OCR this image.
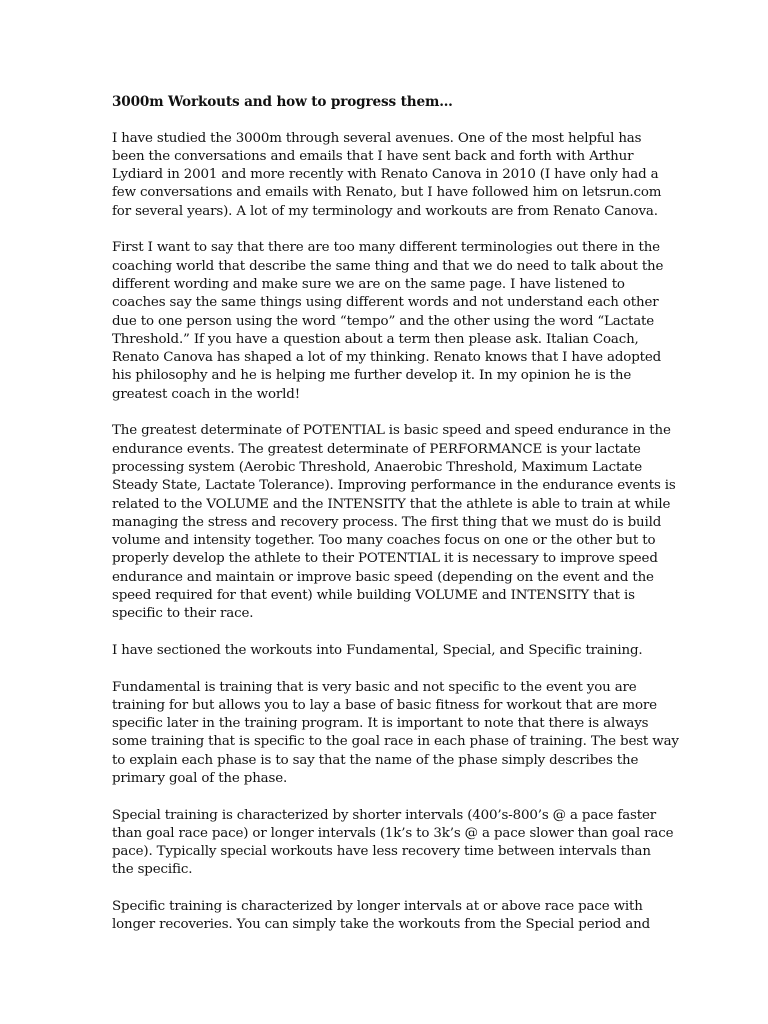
3000m Workouts and how to progress them…
I have studied the 3000m through several avenues. One of the most helpful has
been the conversations and emails that I have sent back and forth with Arthur
Lydiard in 2001 and more recently with Renato Canova in 2010 (I have only had a
few conversations and emails with Renato, but I have followed him on letsrun.com
for several years). A lot of my terminology and workouts are from Renato Canova.
First I want to say that there are too many different terminologies out there in the
coaching world that describe the same thing and that we do need to talk about the
different wording and make sure we are on the same page. I have listened to
coaches say the same things using different words and not understand each other
due to one person using the word “tempo” and the other using the word “Lactate
Threshold.” If you have a question about a term then please ask. Italian Coach,
Renato Canova has shaped a lot of my thinking. Renato knows that I have adopted
his philosophy and he is helping me further develop it. In my opinion he is the
greatest coach in the world!
The greatest determinate of POTENTIAL is basic speed and speed endurance in the
endurance events. The greatest determinate of PERFORMANCE is your lactate
processing system (Aerobic Threshold, Anaerobic Threshold, Maximum Lactate
Steady State, Lactate Tolerance). Improving performance in the endurance events is
related to the VOLUME and the INTENSITY that the athlete is able to train at while
managing the stress and recovery process. The first thing that we must do is build
volume and intensity together. Too many coaches focus on one or the other but to
properly develop the athlete to their POTENTIAL it is necessary to improve speed
endurance and maintain or improve basic speed (depending on the event and the
speed required for that event) while building VOLUME and INTENSITY that is
specific to their race.
I have sectioned the workouts into Fundamental, Special, and Specific training.
Fundamental is training that is very basic and not specific to the event you are
training for but allows you to lay a base of basic fitness for workout that are more
specific later in the training program. It is important to note that there is always
some training that is specific to the goal race in each phase of training. The best way
to explain each phase is to say that the name of the phase simply describes the
primary goal of the phase.
Special training is characterized by shorter intervals (400’s-800’s @ a pace faster
than goal race pace) or longer intervals (1k’s to 3k’s @ a pace slower than goal race
pace). Typically special workouts have less recovery time between intervals than
the specific.
Specific training is characterized by longer intervals at or above race pace with
longer recoveries. You can simply take the workouts from the Special period and
